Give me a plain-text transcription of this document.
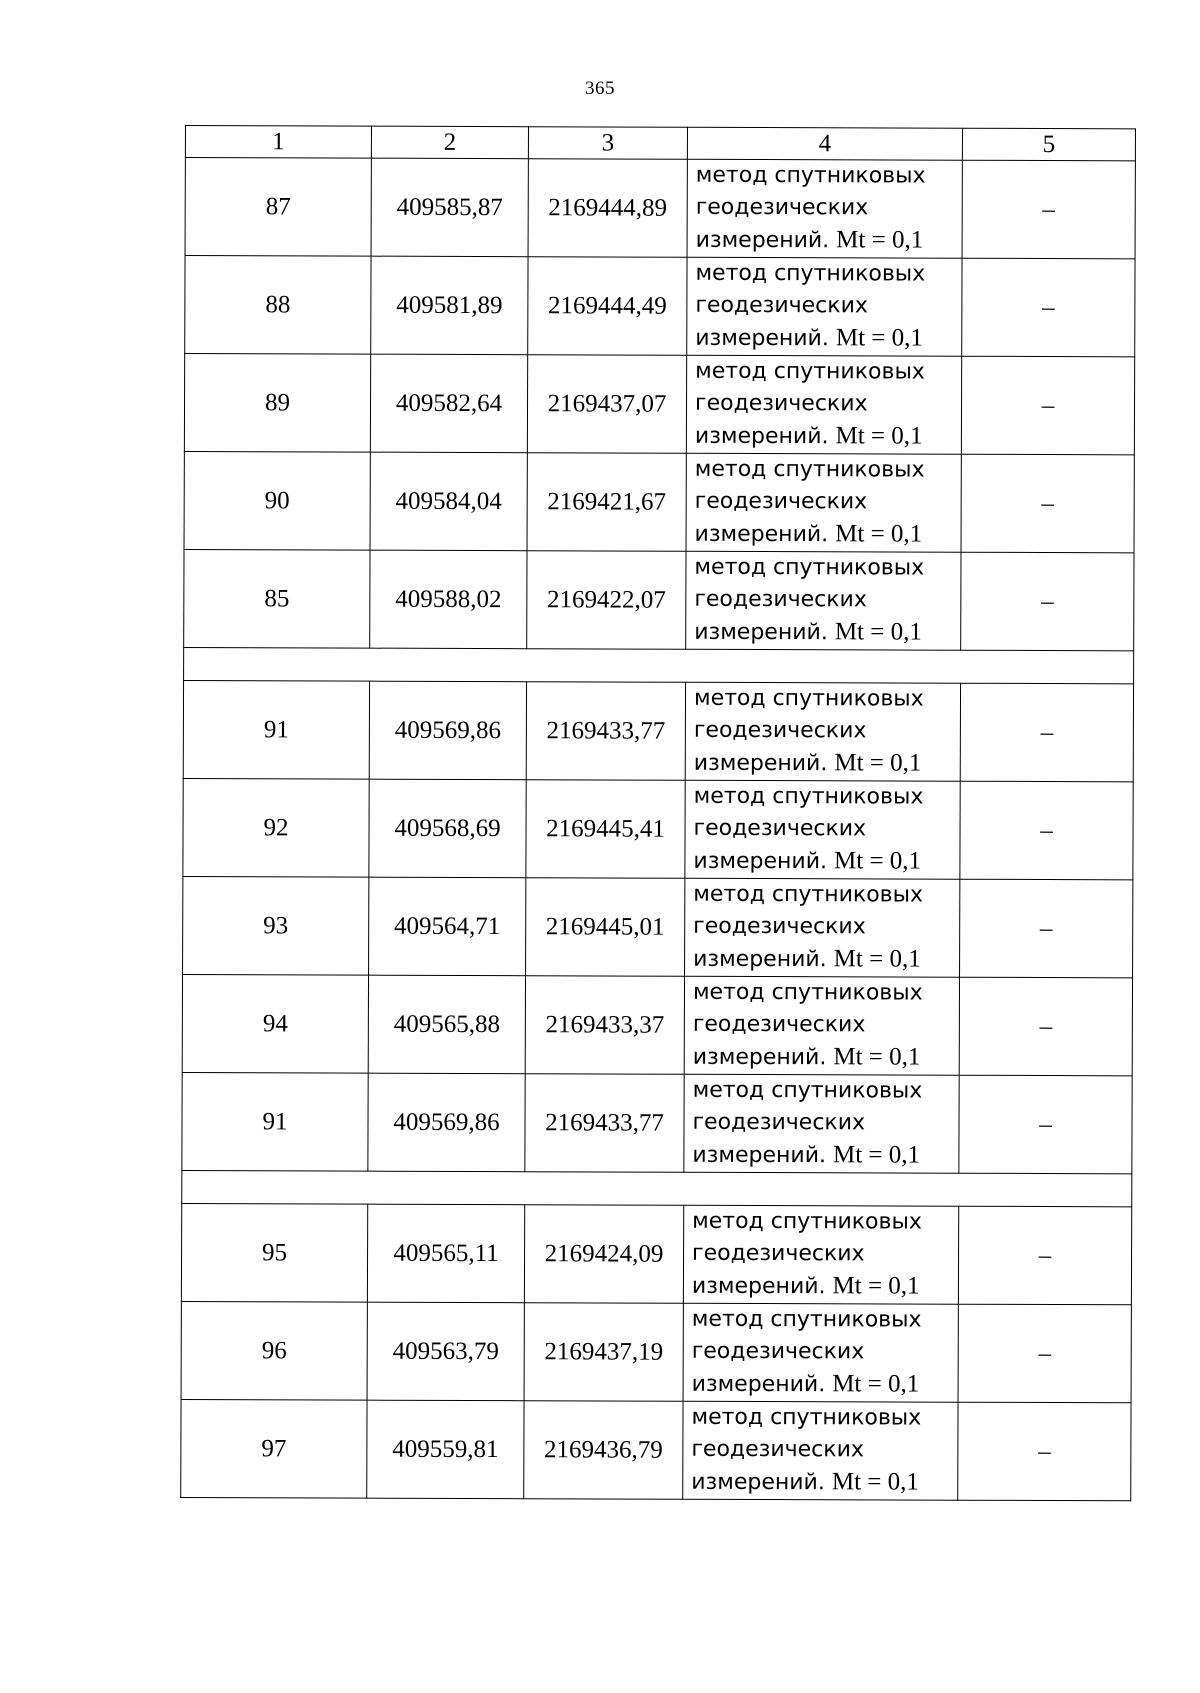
365
1	2	3	4	5
87	409585,87	2169444,89	метод спутниковых
геодезических
измерений. Mt = 0,1	–
88	409581,89	2169444,49	метод спутниковых
геодезических
измерений. Mt = 0,1	–
89	409582,64	2169437,07	метод спутниковых
геодезических
измерений. Mt = 0,1	–
90	409584,04	2169421,67	метод спутниковых
геодезических
измерений. Mt = 0,1	–
85	409588,02	2169422,07	метод спутниковых
геодезических
измерений. Mt = 0,1	–

91	409569,86	2169433,77	метод спутниковых
геодезических
измерений. Mt = 0,1	–
92	409568,69	2169445,41	метод спутниковых
геодезических
измерений. Mt = 0,1	–
93	409564,71	2169445,01	метод спутниковых
геодезических
измерений. Mt = 0,1	–
94	409565,88	2169433,37	метод спутниковых
геодезических
измерений. Mt = 0,1	–
91	409569,86	2169433,77	метод спутниковых
геодезических
измерений. Mt = 0,1	–

95	409565,11	2169424,09	метод спутниковых
геодезических
измерений. Mt = 0,1	–
96	409563,79	2169437,19	метод спутниковых
геодезических
измерений. Mt = 0,1	–
97	409559,81	2169436,79	метод спутниковых
геодезических
измерений. Mt = 0,1	–
